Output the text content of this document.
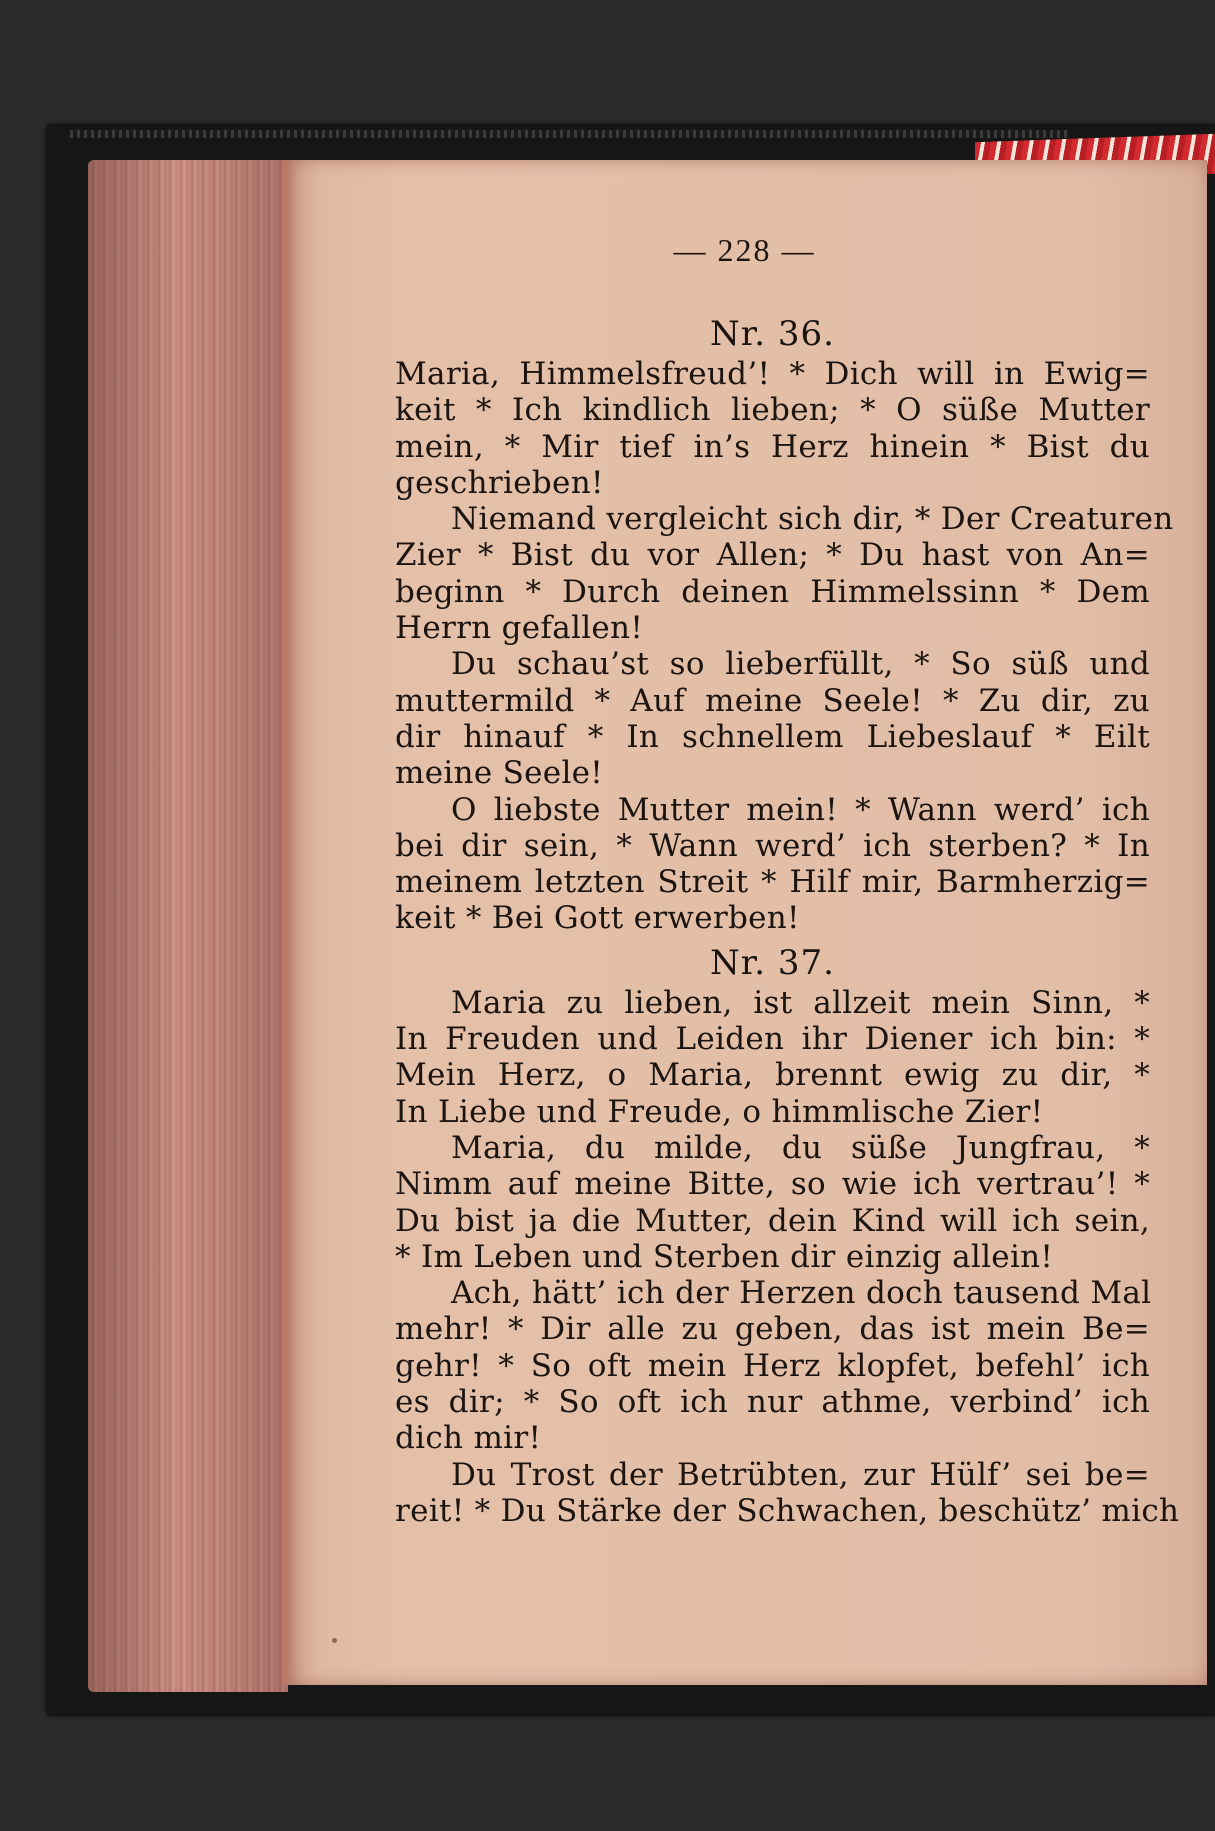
— 228 —

Nr. 36.

Maria, Himmelsfreud’! * Dich will in Ewig=
keit * Ich kindlich lieben; * O süße Mutter
mein, * Mir tief in’s Herz hinein * Bist du
geschrieben!
Niemand vergleicht sich dir, * Der Creaturen
Zier * Bist du vor Allen; * Du hast von An=
beginn * Durch deinen Himmelssinn * Dem
Herrn gefallen!
Du schau’st so lieberfüllt, * So süß und
muttermild * Auf meine Seele! * Zu dir, zu
dir hinauf * In schnellem Liebeslauf * Eilt
meine Seele!
O liebste Mutter mein! * Wann werd’ ich
bei dir sein, * Wann werd’ ich sterben? * In
meinem letzten Streit * Hilf mir, Barmherzig=
keit * Bei Gott erwerben!

Nr. 37.

Maria zu lieben, ist allzeit mein Sinn, *
In Freuden und Leiden ihr Diener ich bin: *
Mein Herz, o Maria, brennt ewig zu dir, *
In Liebe und Freude, o himmlische Zier!
Maria, du milde, du süße Jungfrau, *
Nimm auf meine Bitte, so wie ich vertrau’! *
Du bist ja die Mutter, dein Kind will ich sein,
* Im Leben und Sterben dir einzig allein!
Ach, hätt’ ich der Herzen doch tausend Mal
mehr! * Dir alle zu geben, das ist mein Be=
gehr! * So oft mein Herz klopfet, befehl’ ich
es dir; * So oft ich nur athme, verbind’ ich
dich mir!
Du Trost der Betrübten, zur Hülf’ sei be=
reit! * Du Stärke der Schwachen, beschütz’ mich
